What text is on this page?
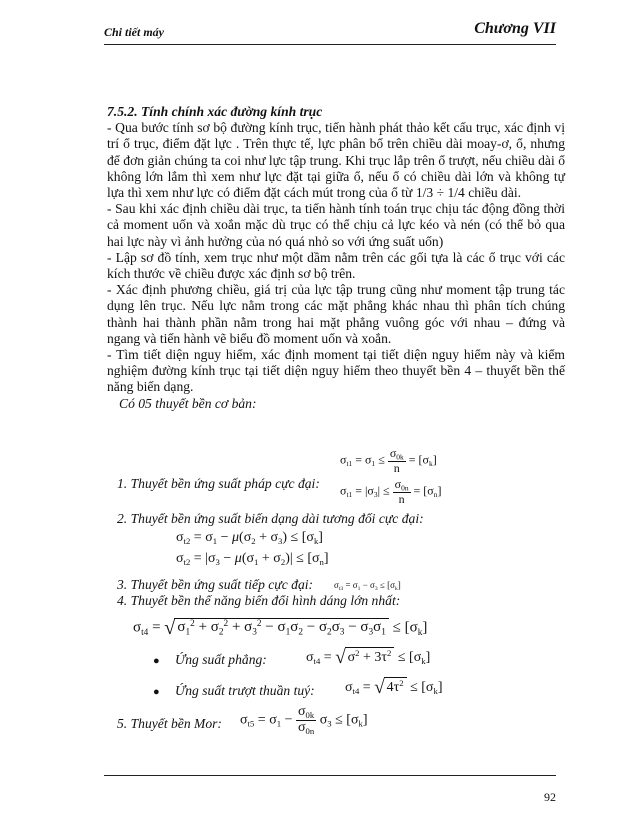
Chi tiết máy	Chương VII

7.5.2. Tính chính xác đường kính trục

- Qua bước tính sơ bộ đường kính trục, tiến hành phát thảo kết cấu trục, xác định vị trí ổ trục, điểm đặt lực . Trên thực tế, lực phân bố trên chiều dài moay-ơ, ổ, nhưng để đơn giản chúng ta coi như lực tập trung. Khi trục lắp trên ổ trượt, nếu chiều dài ổ không lớn lắm thì xem như lực đặt tại giữa ổ, nếu ổ có chiều dài lớn và không tự lựa thì xem như lực có điểm đặt cách mút trong của ổ từ 1/3 ÷ 1/4 chiều dài.

- Sau khi xác định chiều dài trục, ta tiến hành tính toán trục chịu tác động đồng thời cả moment uốn và xoắn mặc dù trục có thể chịu cả lực kéo và nén (có thể bỏ qua hai lực này vì ảnh hưởng của nó quá nhỏ so với ứng suất uốn)

- Lập sơ đồ tính, xem trục như một dầm nằm trên các gối tựa là các ổ trục với các kích thước về chiều được xác định sơ bộ trên.

- Xác định phương chiều, giá trị của lực tập trung cũng như moment tập trung tác dụng lên trục. Nếu lực nằm trong các mặt phẳng khác nhau thì phân tích chúng thành hai thành phần nằm trong hai mặt phẳng vuông góc với nhau – đứng và ngang và tiến hành vẽ biểu đồ moment uốn và xoắn.

- Tìm tiết diện nguy hiểm, xác định moment tại tiết diện nguy hiểm này và kiểm nghiệm đường kính trục tại tiết diện nguy hiểm theo thuyết bền 4 – thuyết bền thế năng biến dạng.

Có 05 thuyết bền cơ bản:

$\sigma_{t1} = \sigma_1 \le \frac{\sigma_{0k}}{n} = [\sigma_k]$
1. Thuyết bền ứng suất pháp cực đại: $\sigma_{t1} = |\sigma_3| \le \frac{\sigma_{0n}}{n} = [\sigma_n]$
2. Thuyết bền ứng suất biến dạng dài tương đối cực đại:
$\sigma_{t2} = \sigma_1 - \mu(\sigma_2 + \sigma_3) \le [\sigma_k]$
$\sigma_{t2} = |\sigma_3 - \mu(\sigma_1 + \sigma_2)| \le [\sigma_n]$
3. Thuyết bền ứng suất tiếp cực đại: $\sigma_{t3} = \sigma_1 - \sigma_3 \le [\sigma_k]$
4. Thuyết bền thế năng biến đổi hình dáng lớn nhất:
$\sigma_{t4}$ = √ $\sigma_1^2 + \sigma_2^2 + \sigma_3^2 - \sigma_1\sigma_2 - \sigma_2\sigma_3 - \sigma_3\sigma_1 \le [\sigma_k]$
● Ứng suất phẳng:	$\sigma_{t4}$ = √ $\sigma^2 + 3\tau^2 \le [\sigma_k]$
● Ứng suất trượt thuần tuý: $\sigma_{t4}$ = √ $4\tau^2 \le [\sigma_k]$
5. Thuyết bền Mor: $\sigma_{t5} = \sigma_1 - \frac{\sigma_{0k}}{\sigma_{0n}} \sigma_3 \le [\sigma_k]$
92
